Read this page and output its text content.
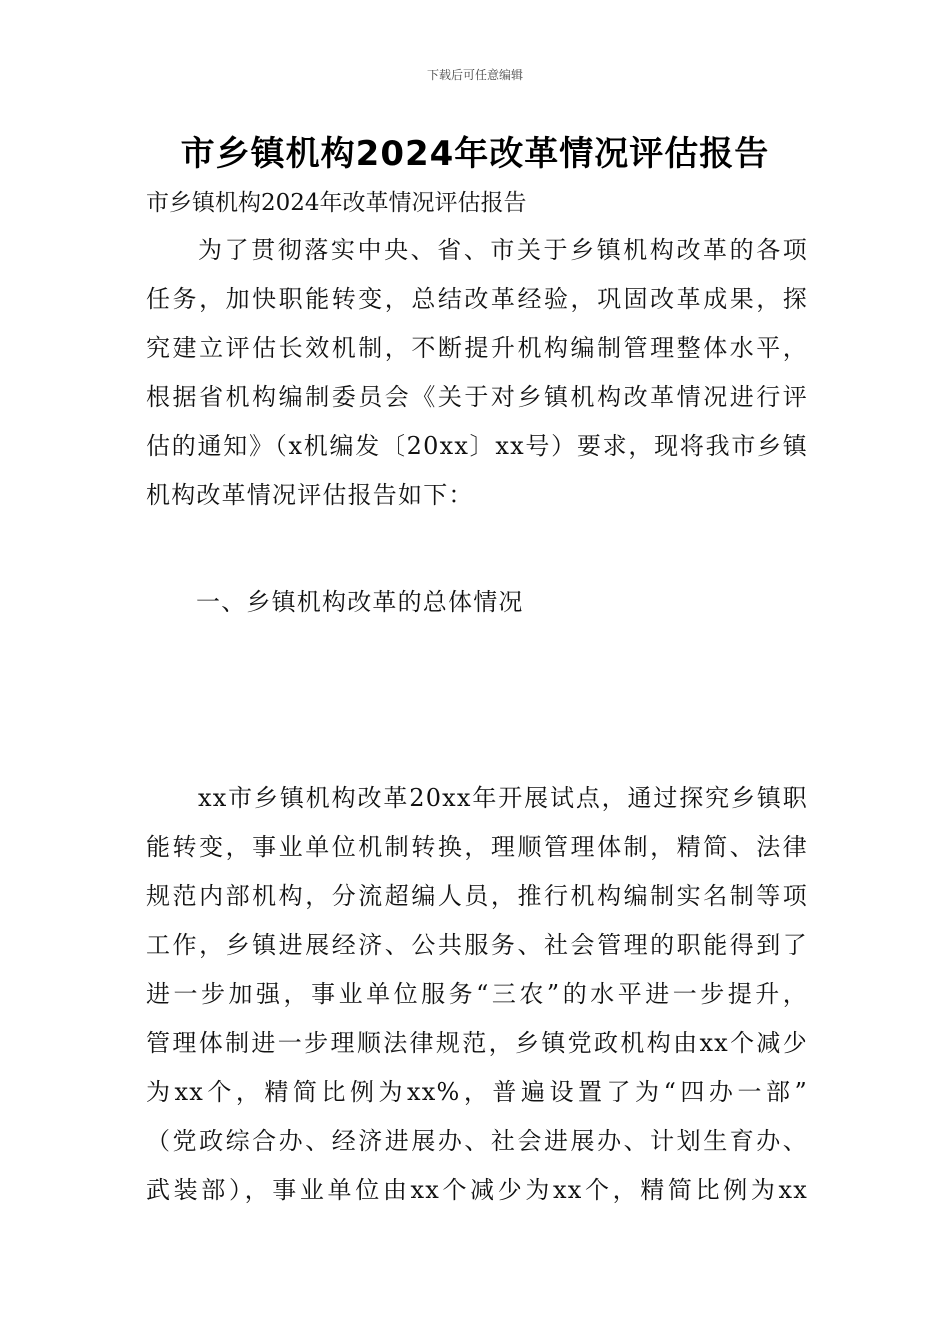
下载后可任意编辑
市乡镇机构2024年改革情况评估报告
市乡镇机构2024年改革情况评估报告
为了贯彻落实中央、省、市关于乡镇机构改革的各项
任务，加快职能转变，总结改革经验，巩固改革成果，探
究建立评估长效机制，不断提升机构编制管理整体水平，
根据省机构编制委员会《关于对乡镇机构改革情况进行评
估的通知》（x机编发〔20xx〕xx号）要求，现将我市乡镇
机构改革情况评估报告如下：
一、乡镇机构改革的总体情况
xx市乡镇机构改革20xx年开展试点，通过探究乡镇职
能转变，事业单位机制转换，理顺管理体制，精简、法律
规范内部机构，分流超编人员，推行机构编制实名制等项
工作，乡镇进展经济、公共服务、社会管理的职能得到了
进一步加强，事业单位服务“三农”的水平进一步提升，
管理体制进一步理顺法律规范，乡镇党政机构由xx个减少
为xx个，精简比例为xx%，普遍设置了为“四办一部”
（党政综合办、经济进展办、社会进展办、计划生育办、
武装部），事业单位由xx个减少为xx个，精简比例为xx
